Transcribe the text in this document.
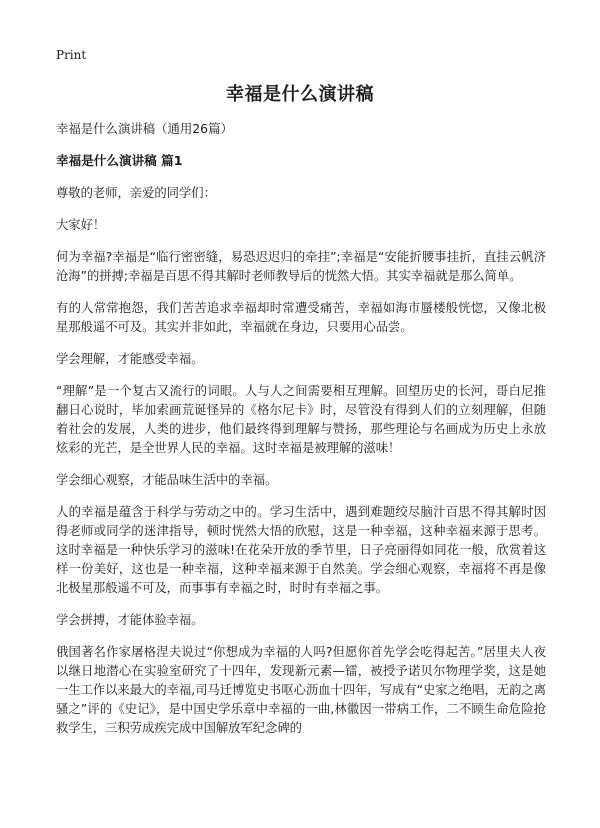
Print
幸福是什么演讲稿

幸福是什么演讲稿（通用26篇）

幸福是什么演讲稿 篇1

尊敬的老师，亲爱的同学们：

大家好！

何为幸福?幸福是“临行密密缝，易恐迟迟归的牵挂”;幸福是“安能折腰事挂折，直挂云帆济沧海”的拼搏;幸福是百思不得其解时老师教导后的恍然大悟。其实幸福就是那么简单。

有的人常常抱怨，我们苦苦追求幸福却时常遭受痛苦，幸福如海市蜃楼般恍惚，又像北极星那般遥不可及。其实并非如此，幸福就在身边，只要用心品尝。

学会理解，才能感受幸福。

“理解”是一个复古又流行的词眼。人与人之间需要相互理解。回望历史的长河，哥白尼推翻日心说时，毕加索画荒诞怪异的《格尔尼卡》时，尽管没有得到人们的立刻理解，但随着社会的发展，人类的进步，他们最终得到理解与赞扬，那些理论与名画成为历史上永放炫彩的光芒，是全世界人民的幸福。这时幸福是被理解的滋味！

学会细心观察，才能品味生活中的幸福。

人的幸福是蕴含于科学与劳动之中的。学习生活中，遇到难题绞尽脑汁百思不得其解时因得老师或同学的迷津指导，顿时恍然大悟的欣慰，这是一种幸福，这种幸福来源于思考。这时幸福是一种快乐学习的滋味!在花朵开放的季节里，日子亮丽得如同花一般，欣赏着这样一份美好，这也是一种幸福，这种幸福来源于自然美。学会细心观察，幸福将不再是像北极星那般遥不可及，而事事有幸福之时，时时有幸福之事。

学会拼搏，才能体验幸福。

俄国著名作家屠格涅夫说过“你想成为幸福的人吗?但愿你首先学会吃得起苦。”居里夫人夜以继日地潜心在实验室研究了十四年，发现新元素—镭，被授予诺贝尔物理学奖，这是她一生工作以来最大的幸福,司马迁博览史书呕心沥血十四年，写成有“史家之绝唱，无韵之离骚之”评的《史记》，是中国史学乐章中幸福的一曲,林徽因一带病工作，二不顾生命危险抢救学生，三积劳成疾完成中国解放军纪念碑的
